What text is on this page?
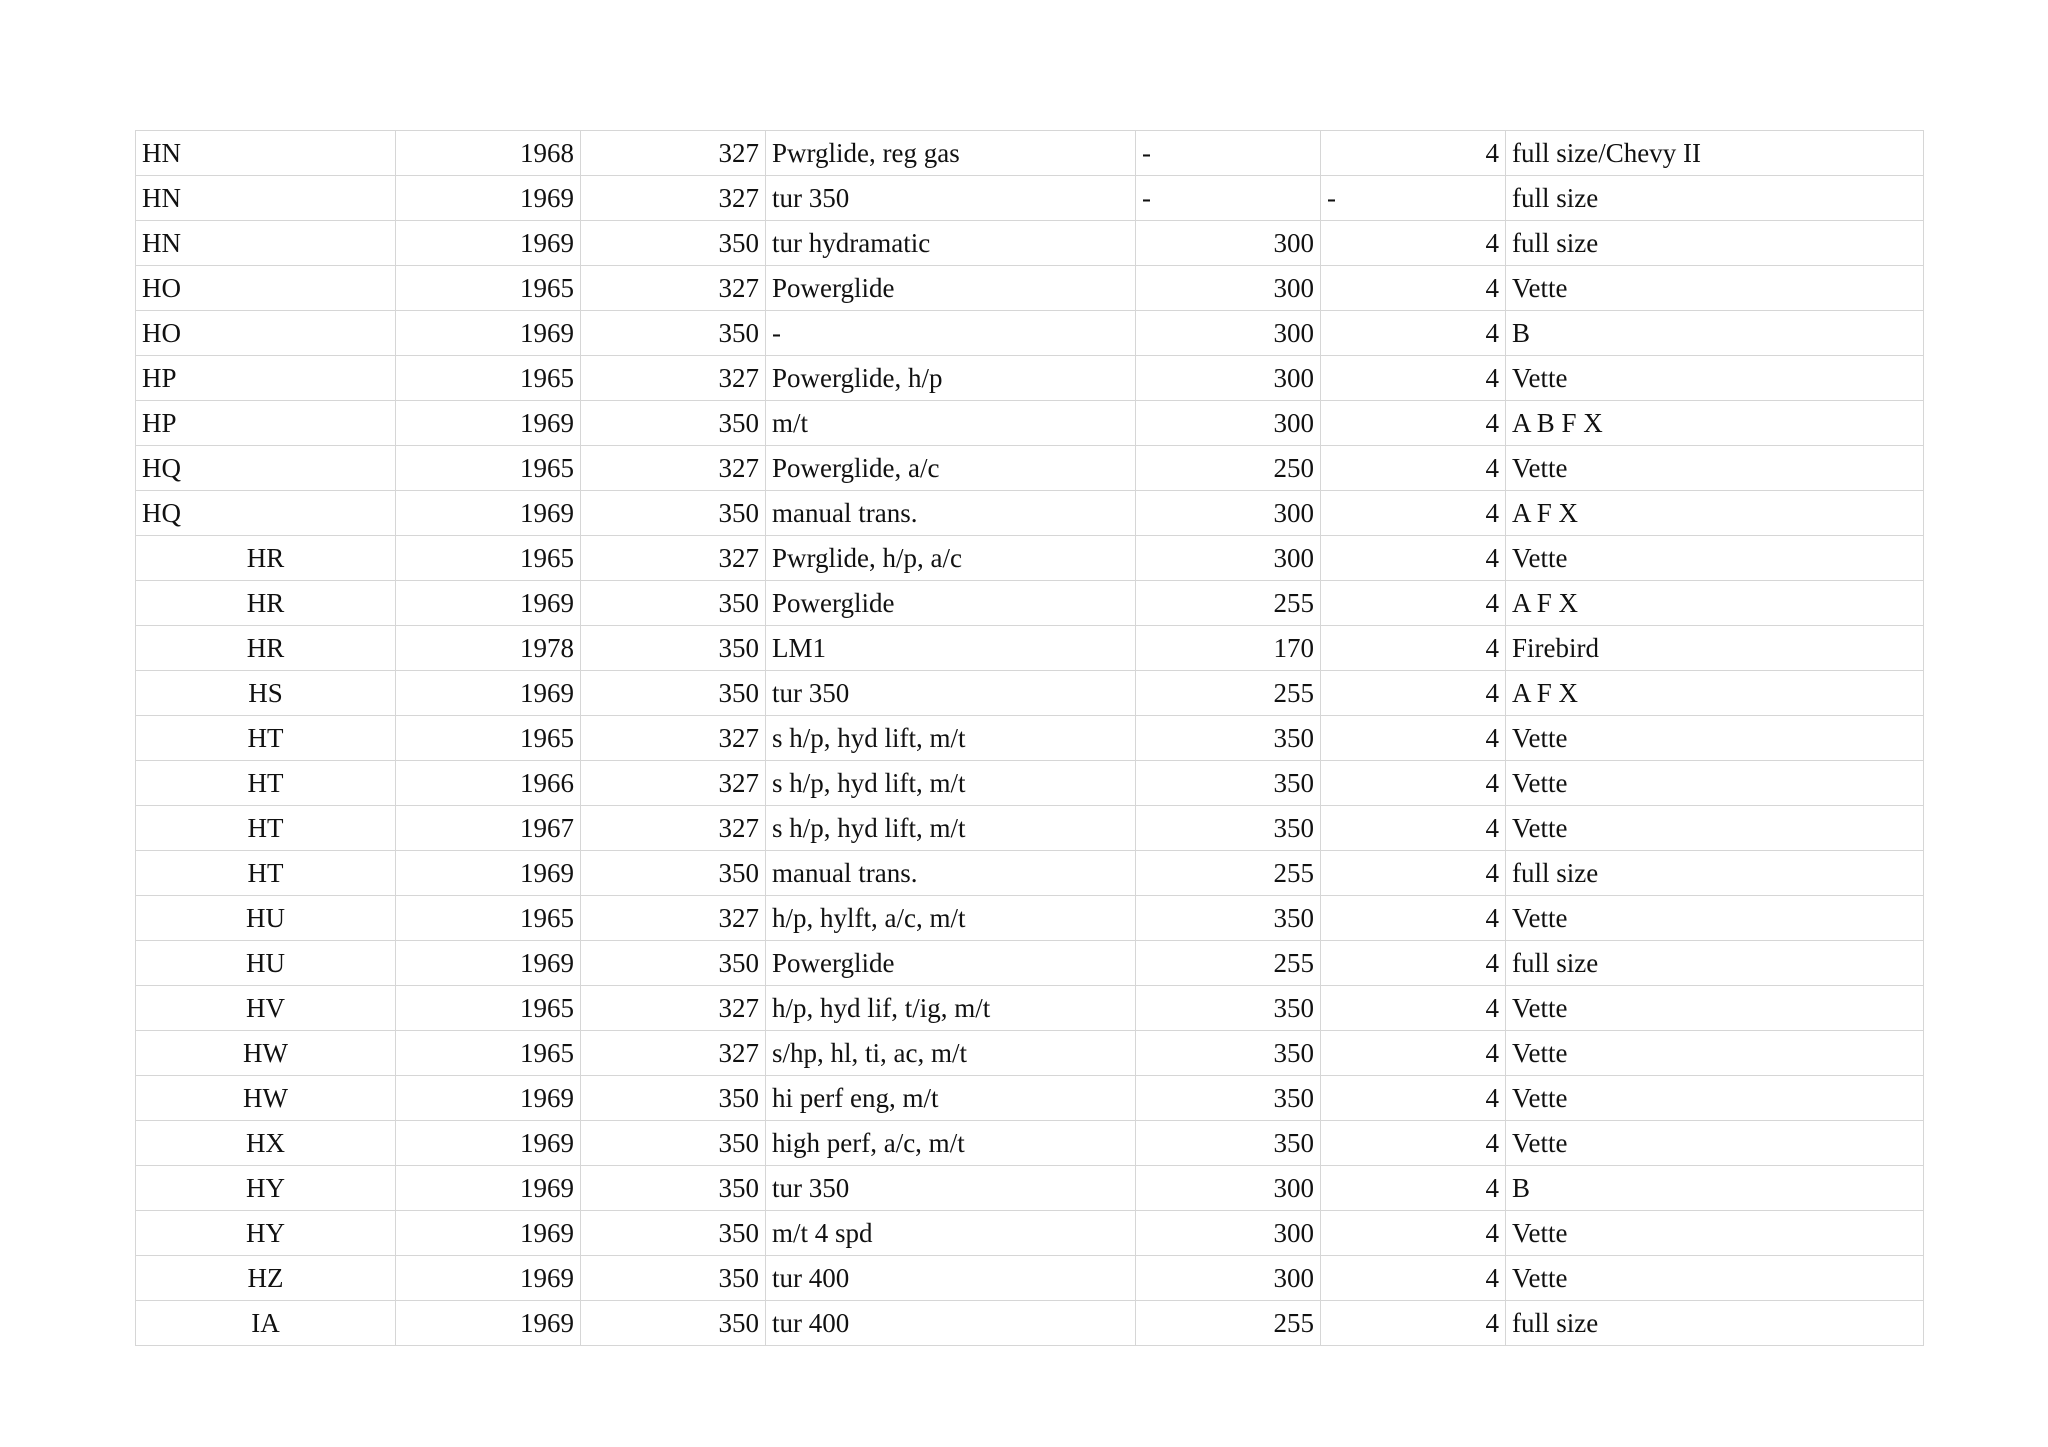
HN	1968	327	Pwrglide, reg gas		-	4	full size/Chevy II
HN	1969	327	tur 350		-	-	full size
HN	1969	350	tur hydramatic		300	4	full size
HO	1965	327	Powerglide		300	4	Vette
HO	1969	350	-		300	4	B
HP	1965	327	Powerglide, h/p		300	4	Vette
HP	1969	350	m/t		300	4	A B F X
HQ	1965	327	Powerglide, a/c		250	4	Vette
HQ	1969	350	manual trans.		300	4	A F X
HR	1965	327	Pwrglide, h/p, a/c		300	4	Vette
HR	1969	350	Powerglide		255	4	A F X
HR	1978	350	LM1		170	4	Firebird
HS	1969	350	tur 350		255	4	A F X
HT	1965	327	s h/p, hyd lift, m/t		350	4	Vette
HT	1966	327	s h/p, hyd lift, m/t		350	4	Vette
HT	1967	327	s h/p, hyd lift, m/t		350	4	Vette
HT	1969	350	manual trans.		255	4	full size
HU	1965	327	h/p, hylft, a/c, m/t		350	4	Vette
HU	1969	350	Powerglide		255	4	full size
HV	1965	327	h/p, hyd lif, t/ig, m/t		350	4	Vette
HW	1965	327	s/hp, hl, ti, ac, m/t		350	4	Vette
HW	1969	350	hi perf eng, m/t		350	4	Vette
HX	1969	350	high perf, a/c, m/t		350	4	Vette
HY	1969	350	tur 350		300	4	B
HY	1969	350	m/t 4 spd		300	4	Vette
HZ	1969	350	tur 400		300	4	Vette
IA	1969	350	tur 400		255	4	full size
